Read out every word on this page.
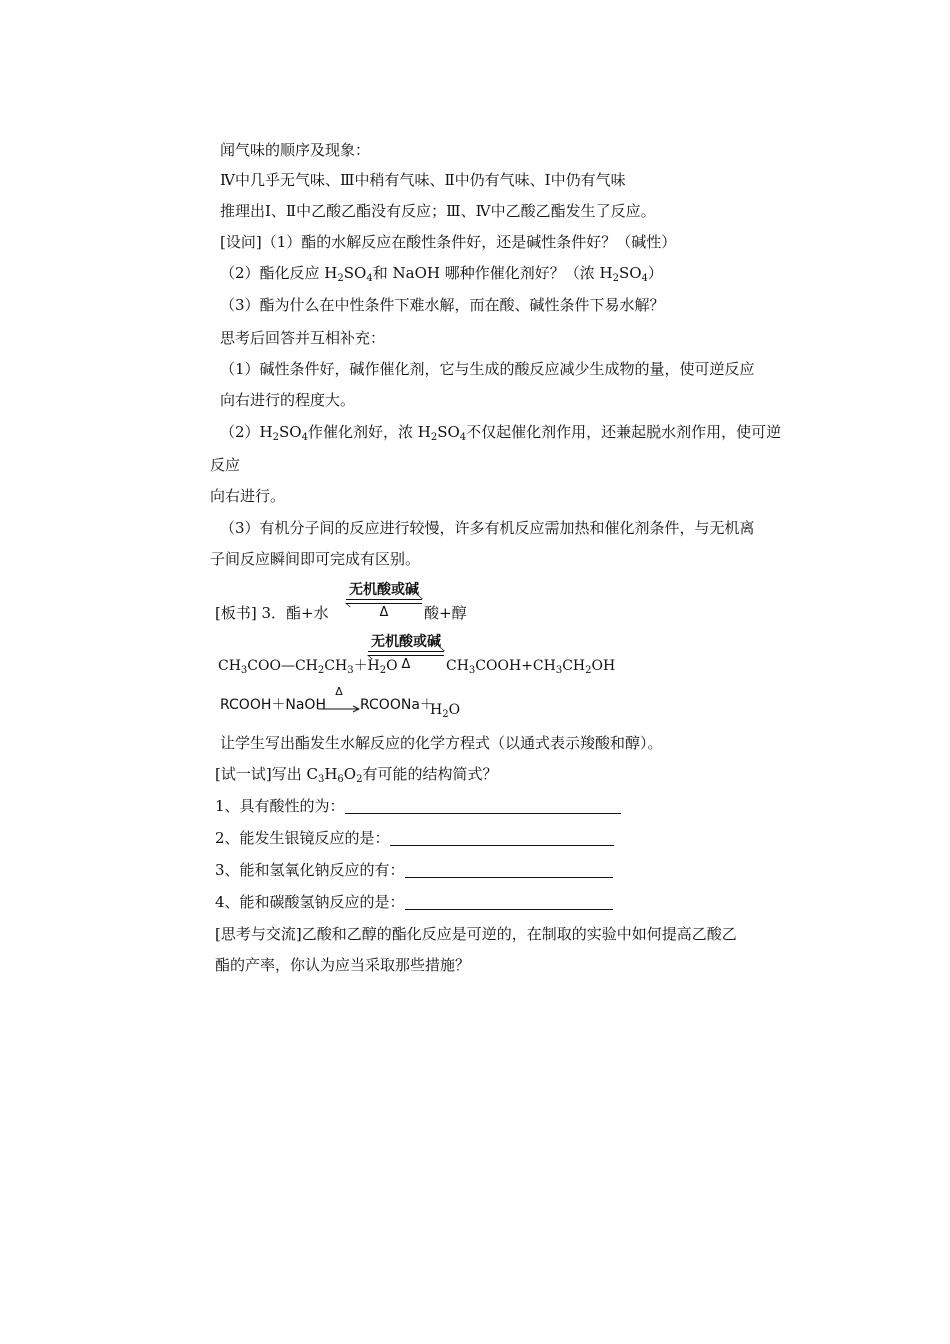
闻气味的顺序及现象：
Ⅳ中几乎无气味、Ⅲ中稍有气味、Ⅱ中仍有气味、Ⅰ中仍有气味
推理出Ⅰ、Ⅱ中乙酸乙酯没有反应；Ⅲ、Ⅳ中乙酸乙酯发生了反应。
[设问]（1）酯的水解反应在酸性条件好，还是碱性条件好？（碱性）
（2）酯化反应 $H_2SO_4$和 NaOH 哪种作催化剂好？（浓 $H_2SO_4$）
（3）酯为什么在中性条件下难水解，而在酸、碱性条件下易水解？
思考后回答并互相补充：
（1）碱性条件好，碱作催化剂，它与生成的酸反应减少生成物的量，使可逆反应
向右进行的程度大。
$(2)H_2SO_4$作催化剂好，浓 $H_2SO_4$不仅起催化剂作用，还兼起脱水剂作用，使可逆
反应
向右进行。
（3）有机分子间的反应进行较慢，许多有机反应需加热和催化剂条件，与无机离
子间反应瞬间即可完成有区别。
[板书] 3．酯+水
无机酸或碱
Δ	酸+醇
$CH_3COO—CH_2CH_3+H_2O$
无机酸或碱
Δ	$CH_3COOH+CH_3CH_2OH$
RCOOH＋NaOH
Δ
RCOONa＋
$H_2O$
让学生写出酯发生水解反应的化学方程式（以通式表示羧酸和醇）。
[试一试]写出 $C_3H_6O_2$有可能的结构简式？
1、具有酸性的为：
2、能发生银镜反应的是：
3、能和氢氧化钠反应的有：
4、能和碳酸氢钠反应的是：
[思考与交流]乙酸和乙醇的酯化反应是可逆的，在制取的实验中如何提高乙酸乙
酯的产率，你认为应当采取那些措施？
